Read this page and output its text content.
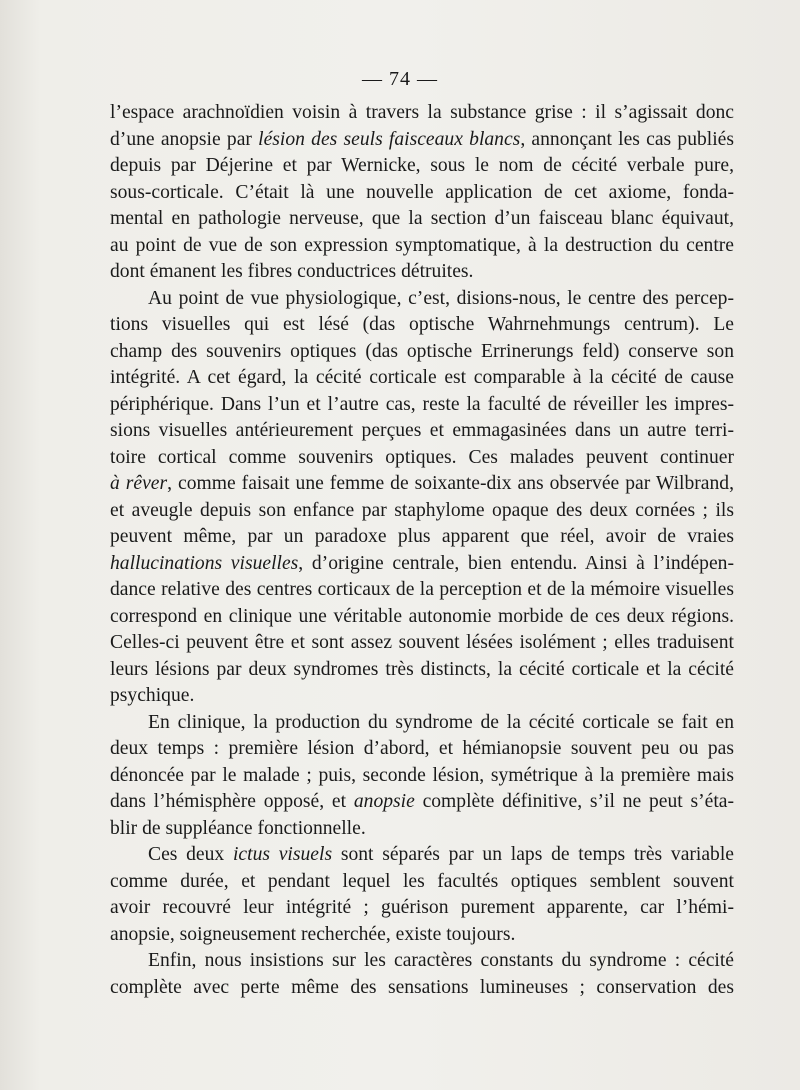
— 74 —
l’espace arachnoïdien voisin à travers la substance grise : il s’agissait donc
d’une anopsie par lésion des seuls faisceaux blancs, annonçant les cas publiés
depuis par Déjerine et par Wernicke, sous le nom de cécité verbale pure,
sous-corticale. C’était là une nouvelle application de cet axiome, fonda-
mental en pathologie nerveuse, que la section d’un faisceau blanc équivaut,
au point de vue de son expression symptomatique, à la destruction du centre
dont émanent les fibres conductrices détruites.
Au point de vue physiologique, c’est, disions-nous, le centre des percep-
tions visuelles qui est lésé (das optische Wahrnehmungs centrum). Le
champ des souvenirs optiques (das optische Errinerungs feld) conserve son
intégrité. A cet égard, la cécité corticale est comparable à la cécité de cause
périphérique. Dans l’un et l’autre cas, reste la faculté de réveiller les impres-
sions visuelles antérieurement perçues et emmagasinées dans un autre terri-
toire cortical comme souvenirs optiques. Ces malades peuvent continuer
à rêver, comme faisait une femme de soixante-dix ans observée par Wilbrand,
et aveugle depuis son enfance par staphylome opaque des deux cornées ; ils
peuvent même, par un paradoxe plus apparent que réel, avoir de vraies
hallucinations visuelles, d’origine centrale, bien entendu. Ainsi à l’indépen-
dance relative des centres corticaux de la perception et de la mémoire visuelles
correspond en clinique une véritable autonomie morbide de ces deux régions.
Celles-ci peuvent être et sont assez souvent lésées isolément ; elles traduisent
leurs lésions par deux syndromes très distincts, la cécité corticale et la cécité
psychique.
En clinique, la production du syndrome de la cécité corticale se fait en
deux temps : première lésion d’abord, et hémianopsie souvent peu ou pas
dénoncée par le malade ; puis, seconde lésion, symétrique à la première mais
dans l’hémisphère opposé, et anopsie complète définitive, s’il ne peut s’éta-
blir de suppléance fonctionnelle.
Ces deux ictus visuels sont séparés par un laps de temps très variable
comme durée, et pendant lequel les facultés optiques semblent souvent
avoir recouvré leur intégrité ; guérison purement apparente, car l’hémi-
anopsie, soigneusement recherchée, existe toujours.
Enfin, nous insistions sur les caractères constants du syndrome : cécité
complète avec perte même des sensations lumineuses ; conservation des
